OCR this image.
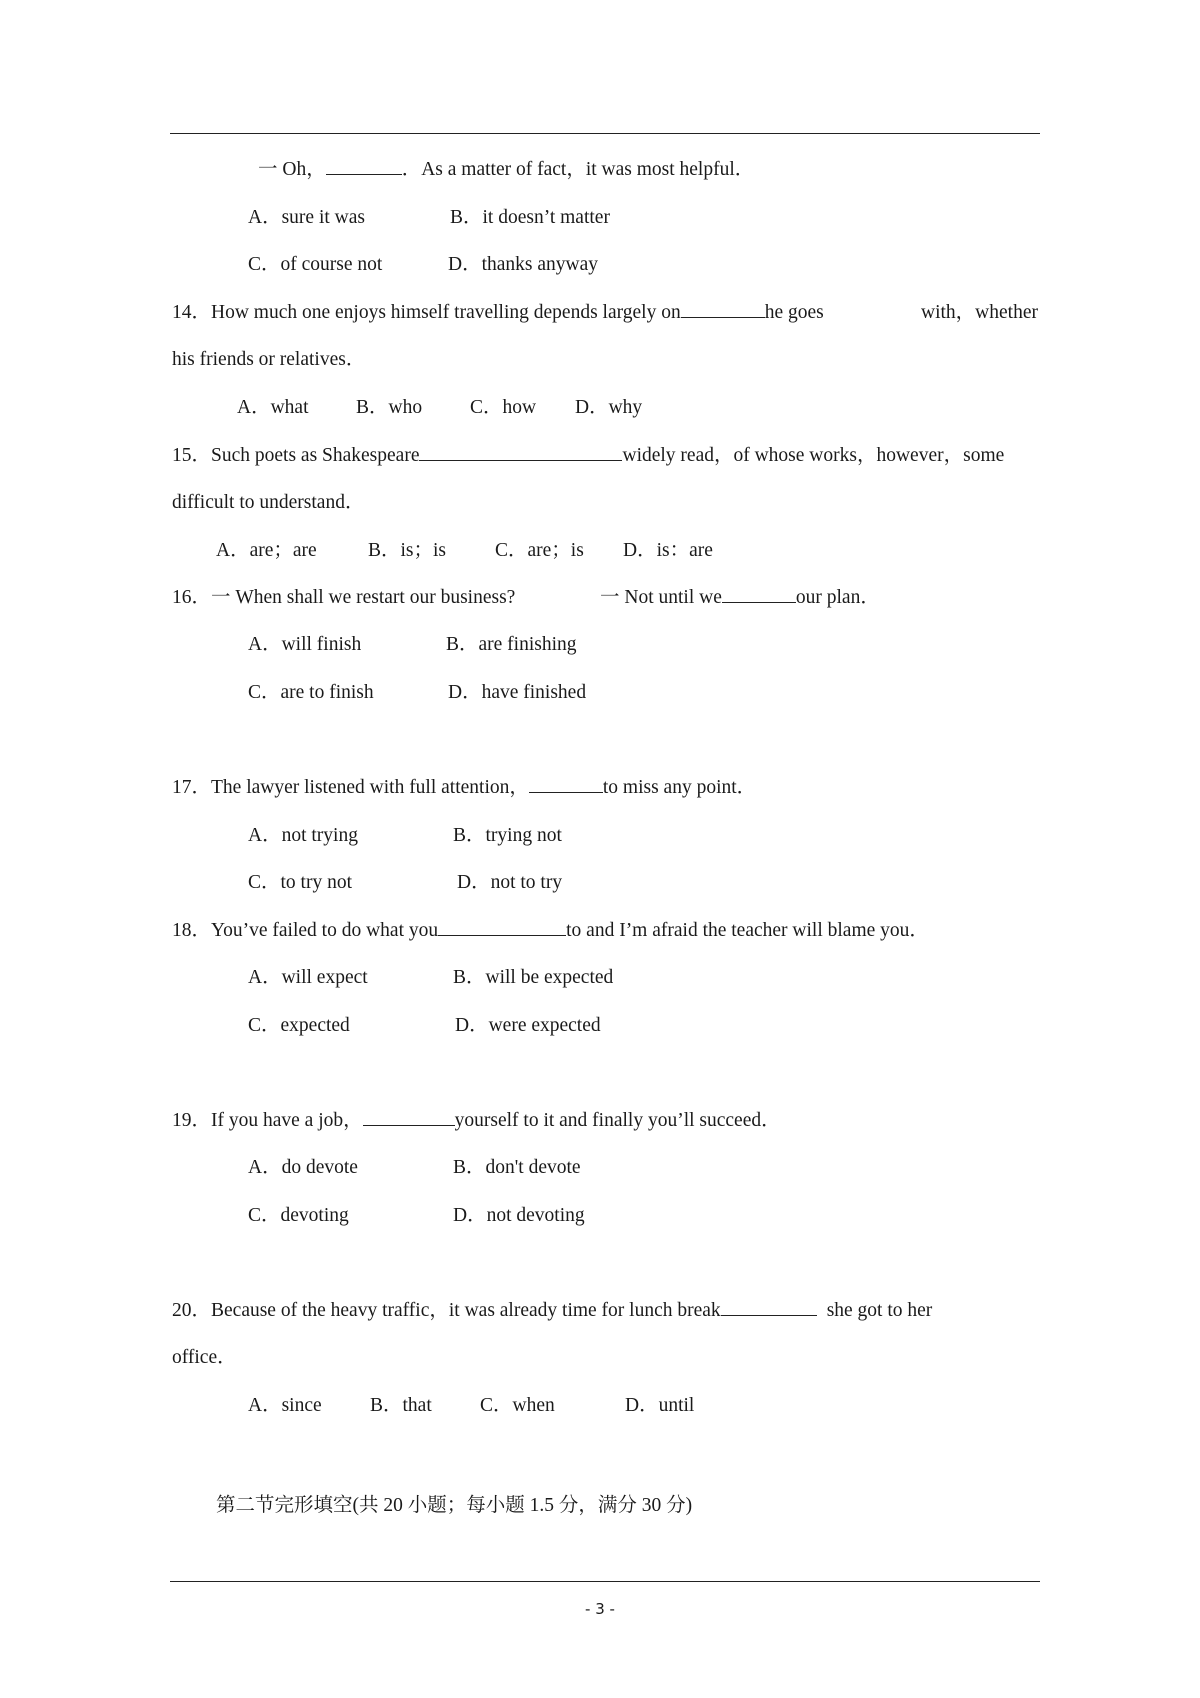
一 Oh，	．As a matter of fact，it was most helpful．
A．sure it was	B．it doesn’t matter
C．of course not	D．thanks anyway
14．How much one enjoys himself travelling depends largely on	he goes	with，whether
his friends or relatives．
A．what B．who C．how D．why
15．Such poets as Shakespeare	widely read，of whose works，however，some
difficult to understand．
A．are；are	B．is；is	C．are；is D．is：are
16．一 When shall we restart our business?	一 Not until we	our plan．
A．will finish	B．are finishing
C．are to finish	D．have finished
17．The lawyer listened with full attention，	to miss any point．
A．not trying	B．trying not
C．to try not	D．not to try
18．You’ve failed to do what you	to and I’m afraid the teacher will blame you．
A．will expect	B．will be expected
C．expected	D．were expected
19．If you have a job，	yourself to it and finally you’ll succeed．
A．do devote	B．don't devote
C．devoting	D．not devoting
20．Because of the heavy traffic，it was already time for lunch break	she got to her
office．
A．since B．that C．when	D．until
第二节完形填空(共 20 小题；每小题 1.5 分，满分 30 分)
- 3 -
